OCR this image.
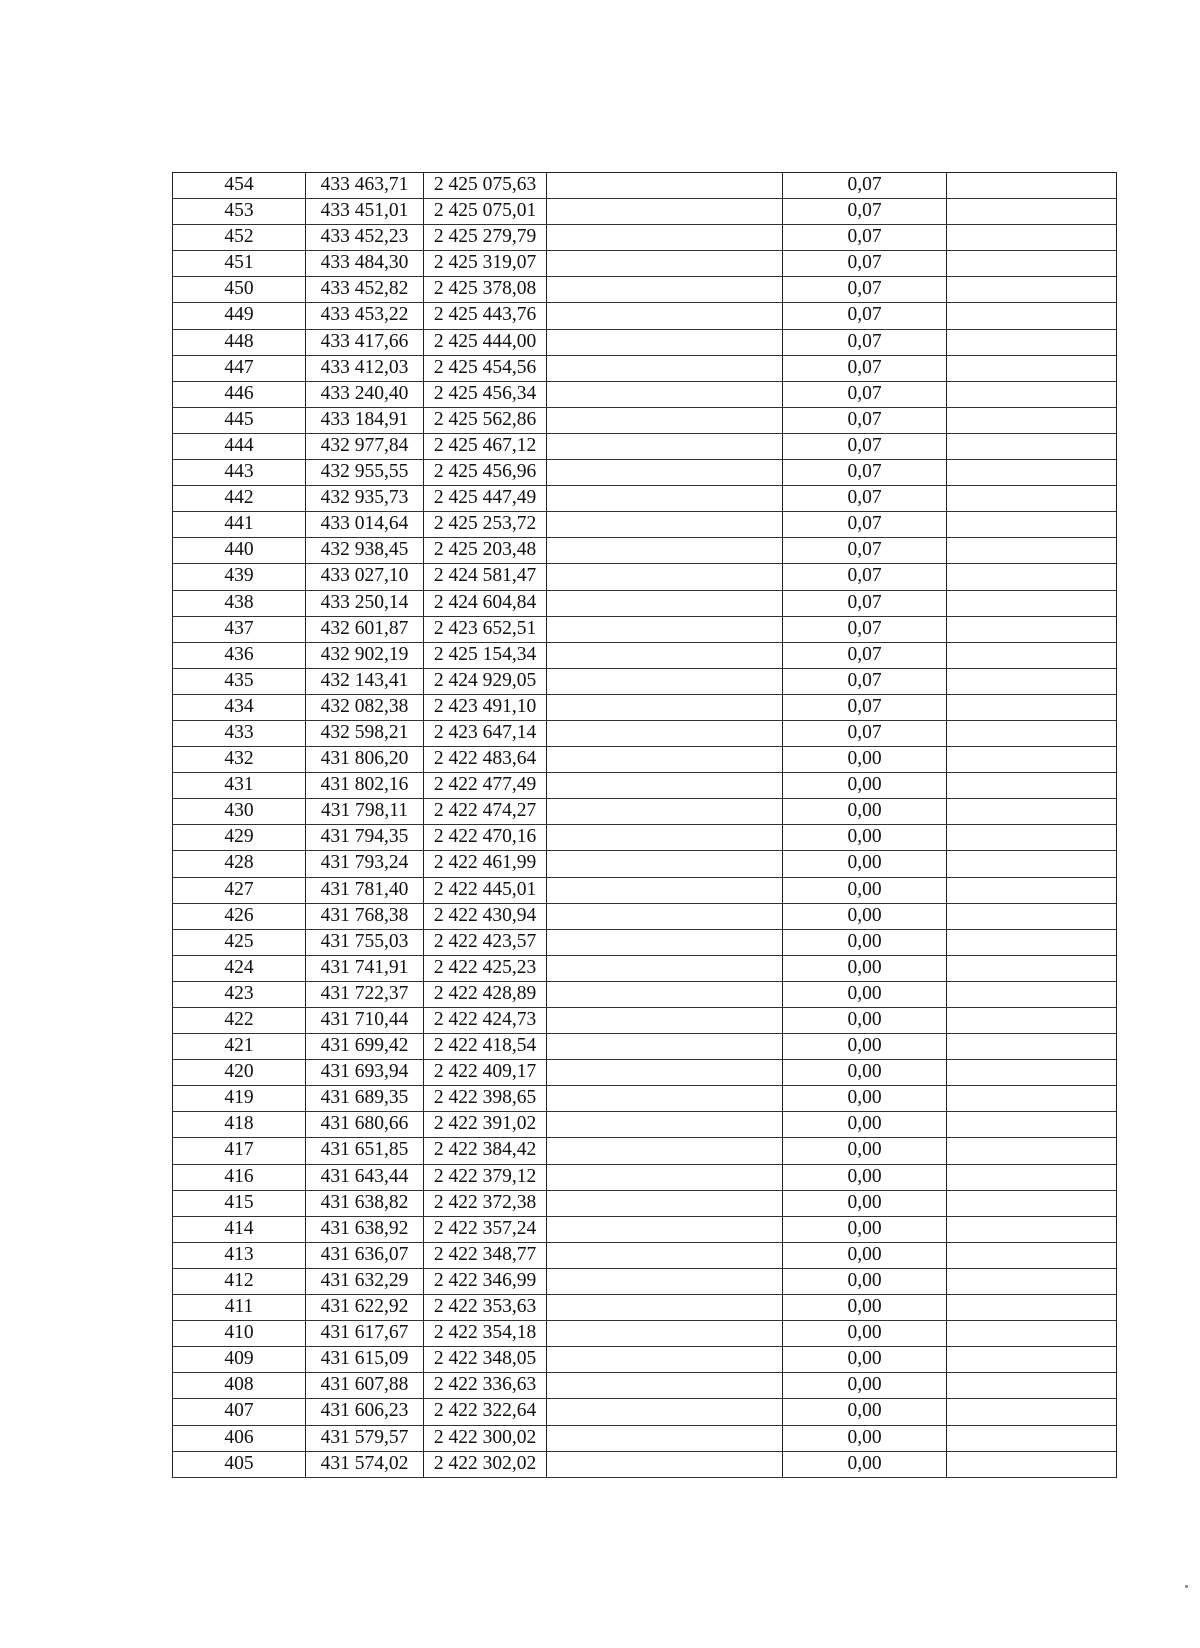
454	433 463,71	2 425 075,63	0,07
453	433 451,01	2 425 075,01	0,07
452	433 452,23	2 425 279,79	0,07
451	433 484,30	2 425 319,07	0,07
450	433 452,82	2 425 378,08	0,07
449	433 453,22	2 425 443,76	0,07
448	433 417,66	2 425 444,00	0,07
447	433 412,03	2 425 454,56	0,07
446	433 240,40	2 425 456,34	0,07
445	433 184,91	2 425 562,86	0,07
444	432 977,84	2 425 467,12	0,07
443	432 955,55	2 425 456,96	0,07
442	432 935,73	2 425 447,49	0,07
441	433 014,64	2 425 253,72	0,07
440	432 938,45	2 425 203,48	0,07
439	433 027,10	2 424 581,47	0,07
438	433 250,14	2 424 604,84	0,07
437	432 601,87	2 423 652,51	0,07
436	432 902,19	2 425 154,34	0,07
435	432 143,41	2 424 929,05	0,07
434	432 082,38	2 423 491,10	0,07
433	432 598,21	2 423 647,14	0,07
432	431 806,20	2 422 483,64	0,00
431	431 802,16	2 422 477,49	0,00
430	431 798,11	2 422 474,27	0,00
429	431 794,35	2 422 470,16	0,00
428	431 793,24	2 422 461,99	0,00
427	431 781,40	2 422 445,01	0,00
426	431 768,38	2 422 430,94	0,00
425	431 755,03	2 422 423,57	0,00
424	431 741,91	2 422 425,23	0,00
423	431 722,37	2 422 428,89	0,00
422	431 710,44	2 422 424,73	0,00
421	431 699,42	2 422 418,54	0,00
420	431 693,94	2 422 409,17	0,00
419	431 689,35	2 422 398,65	0,00
418	431 680,66	2 422 391,02	0,00
417	431 651,85	2 422 384,42	0,00
416	431 643,44	2 422 379,12	0,00
415	431 638,82	2 422 372,38	0,00
414	431 638,92	2 422 357,24	0,00
413	431 636,07	2 422 348,77	0,00
412	431 632,29	2 422 346,99	0,00
411	431 622,92	2 422 353,63	0,00
410	431 617,67	2 422 354,18	0,00
409	431 615,09	2 422 348,05	0,00
408	431 607,88	2 422 336,63	0,00
407	431 606,23	2 422 322,64	0,00
406	431 579,57	2 422 300,02	0,00
405	431 574,02	2 422 302,02	0,00
